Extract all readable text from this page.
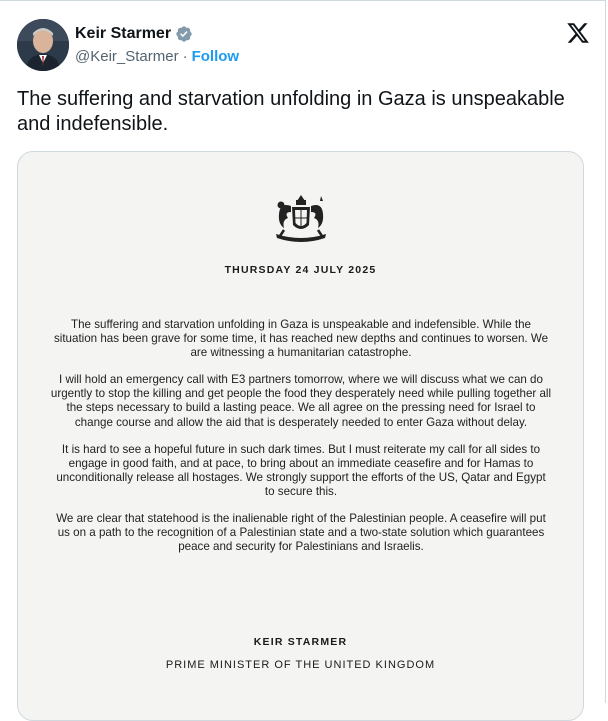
Keir Starmer
@Keir_Starmer · Follow
The suffering and starvation unfolding in Gaza is unspeakable and indefensible.
THURSDAY 24 JULY 2025

The suffering and starvation unfolding in Gaza is unspeakable and indefensible. While the situation has been grave for some time, it has reached new depths and continues to worsen. We are witnessing a humanitarian catastrophe.

I will hold an emergency call with E3 partners tomorrow, where we will discuss what we can do urgently to stop the killing and get people the food they desperately need while pulling together all the steps necessary to build a lasting peace. We all agree on the pressing need for Israel to change course and allow the aid that is desperately needed to enter Gaza without delay.

It is hard to see a hopeful future in such dark times. But I must reiterate my call for all sides to engage in good faith, and at pace, to bring about an immediate ceasefire and for Hamas to unconditionally release all hostages. We strongly support the efforts of the US, Qatar and Egypt to secure this.

We are clear that statehood is the inalienable right of the Palestinian people. A ceasefire will put us on a path to the recognition of a Palestinian state and a two-state solution which guarantees peace and security for Palestinians and Israelis.

KEIR STARMER
PRIME MINISTER OF THE UNITED KINGDOM
